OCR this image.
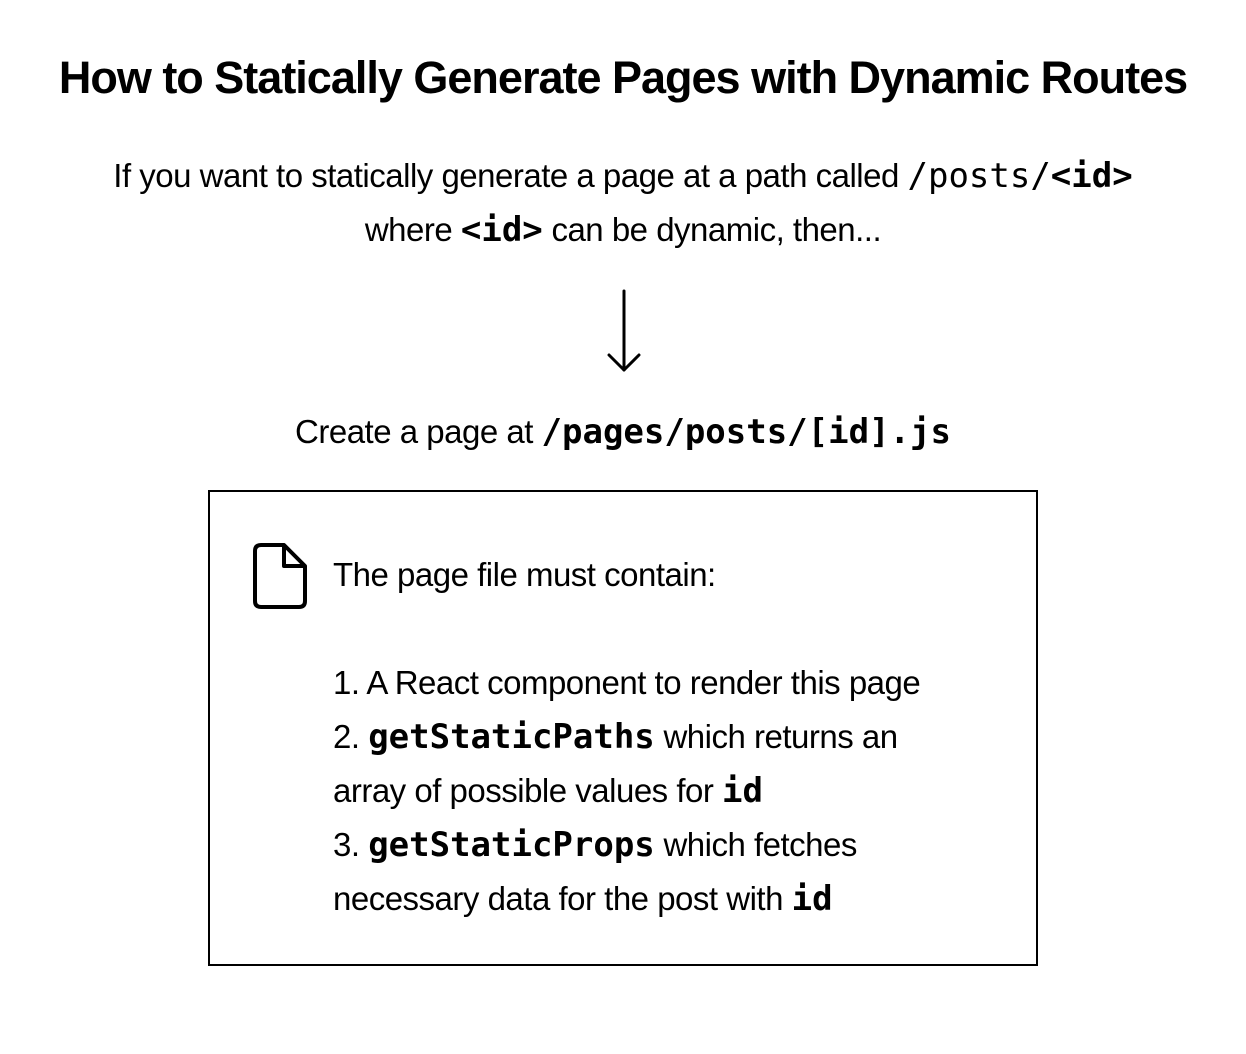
How to Statically Generate Pages with Dynamic Routes
If you want to statically generate a page at a path called /posts/<id>
where <id> can be dynamic, then...
Create a page at /pages/posts/[id].js
The page file must contain:
1. A React component to render this page
2. getStaticPaths which returns an
array of possible values for id
3. getStaticProps which fetches
necessary data for the post with id
